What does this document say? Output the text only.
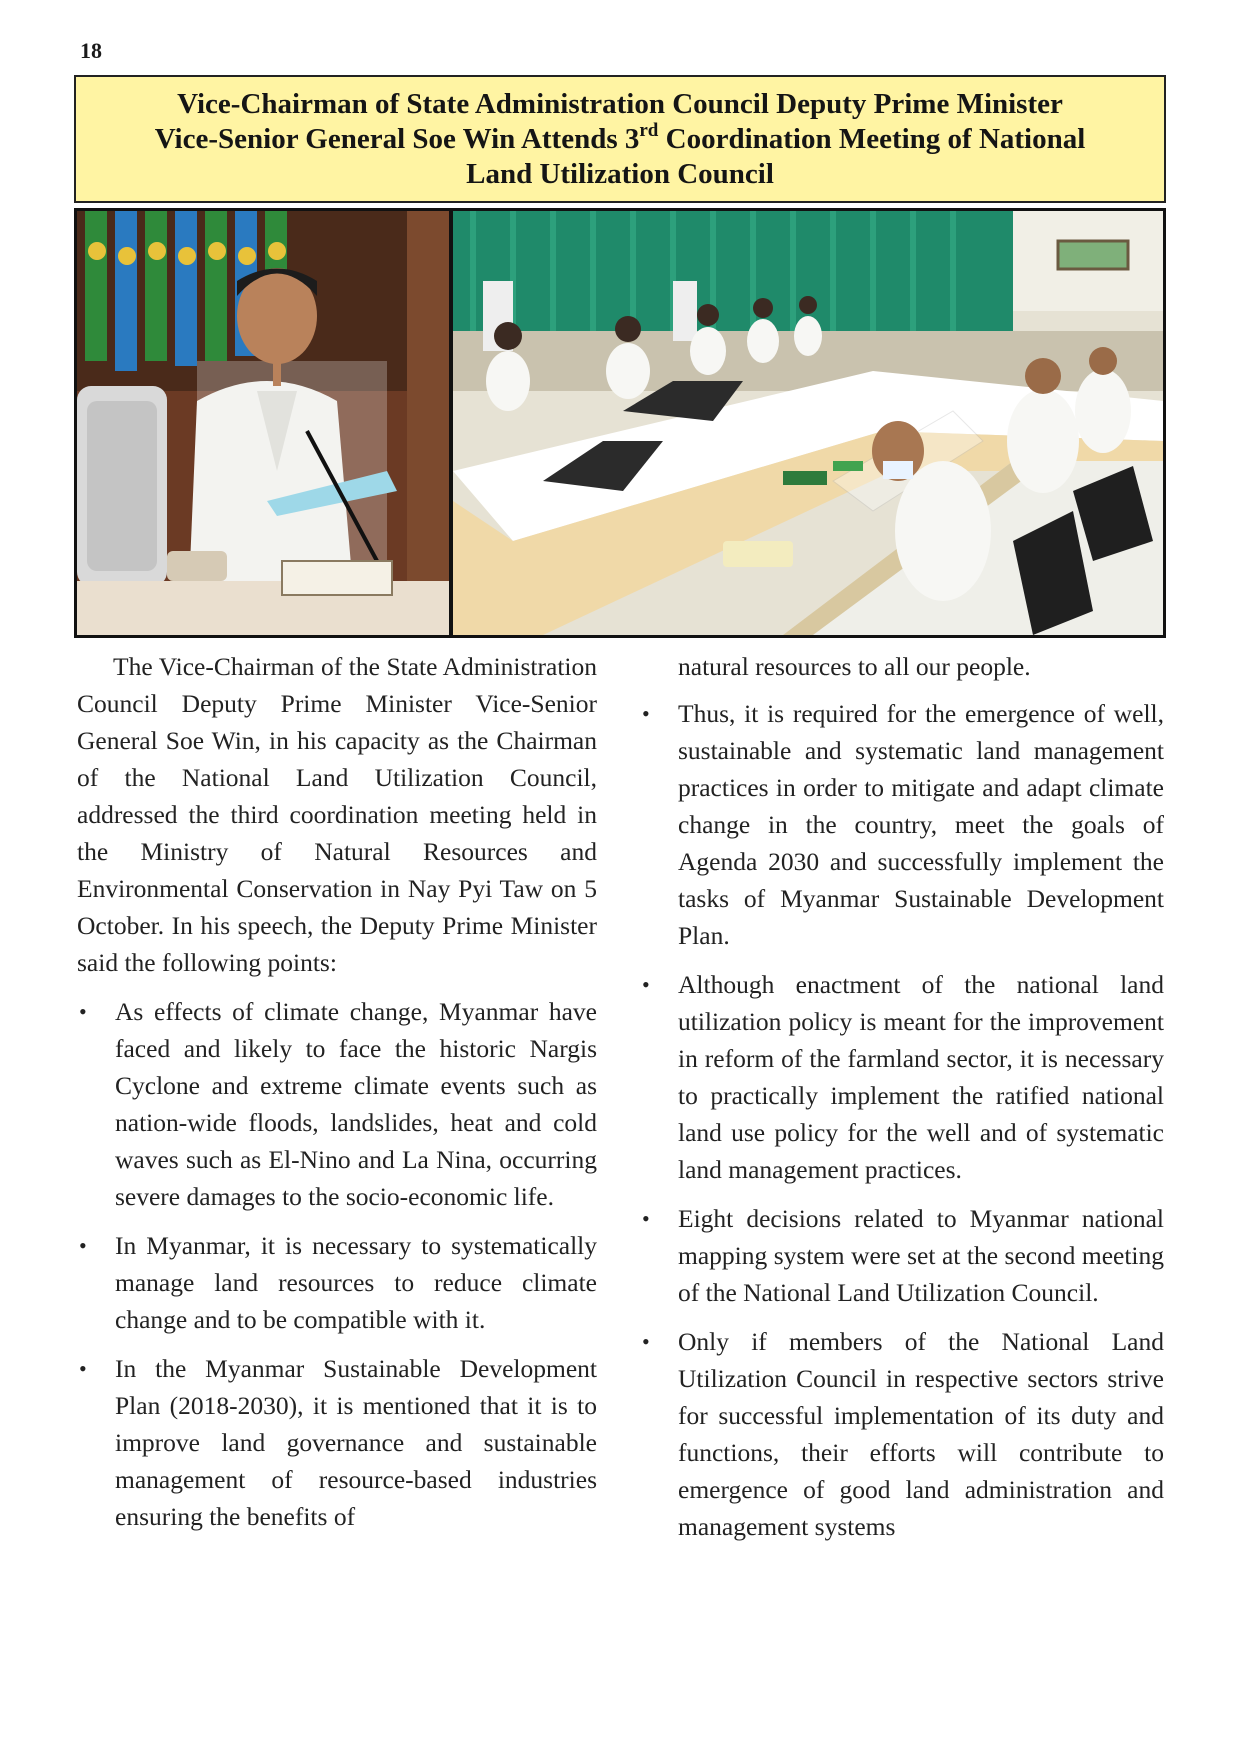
18
Vice-Chairman of State Administration Council Deputy Prime Minister
Vice-Senior General Soe Win Attends 3rd Coordination Meeting of National
Land Utilization Council

The Vice-Chairman of the State Administration Council Deputy Prime Minister Vice-Senior General Soe Win, in his capacity as the Chairman of the National Land Utilization Council, addressed the third coordination meeting held in the Ministry of Natural Resources and Environmental Conservation in Nay Pyi Taw on 5 October. In his speech, the Deputy Prime Minister said the following points:

• As effects of climate change, Myanmar have faced and likely to face the historic Nargis Cyclone and extreme climate events such as nation-wide floods, landslides, heat and cold waves such as El-Nino and La Nina, occurring severe damages to the socio-economic life.
• In Myanmar, it is necessary to systematically manage land resources to reduce climate change and to be compatible with it.
• In the Myanmar Sustainable Development Plan (2018-2030), it is mentioned that it is to improve land governance and sustainable management of resource-based industries ensuring the benefits of

natural resources to all our people.

• Thus, it is required for the emergence of well, sustainable and systematic land management practices in order to mitigate and adapt climate change in the country, meet the goals of Agenda 2030 and successfully implement the tasks of Myanmar Sustainable Development Plan.
• Although enactment of the national land utilization policy is meant for the improvement in reform of the farmland sector, it is necessary to practically implement the ratified national land use policy for the well and of systematic land management practices.
• Eight decisions related to Myanmar national mapping system were set at the second meeting of the National Land Utilization Council.
• Only if members of the National Land Utilization Council in respective sectors strive for successful implementation of its duty and functions, their efforts will contribute to emergence of good land administration and management systems
